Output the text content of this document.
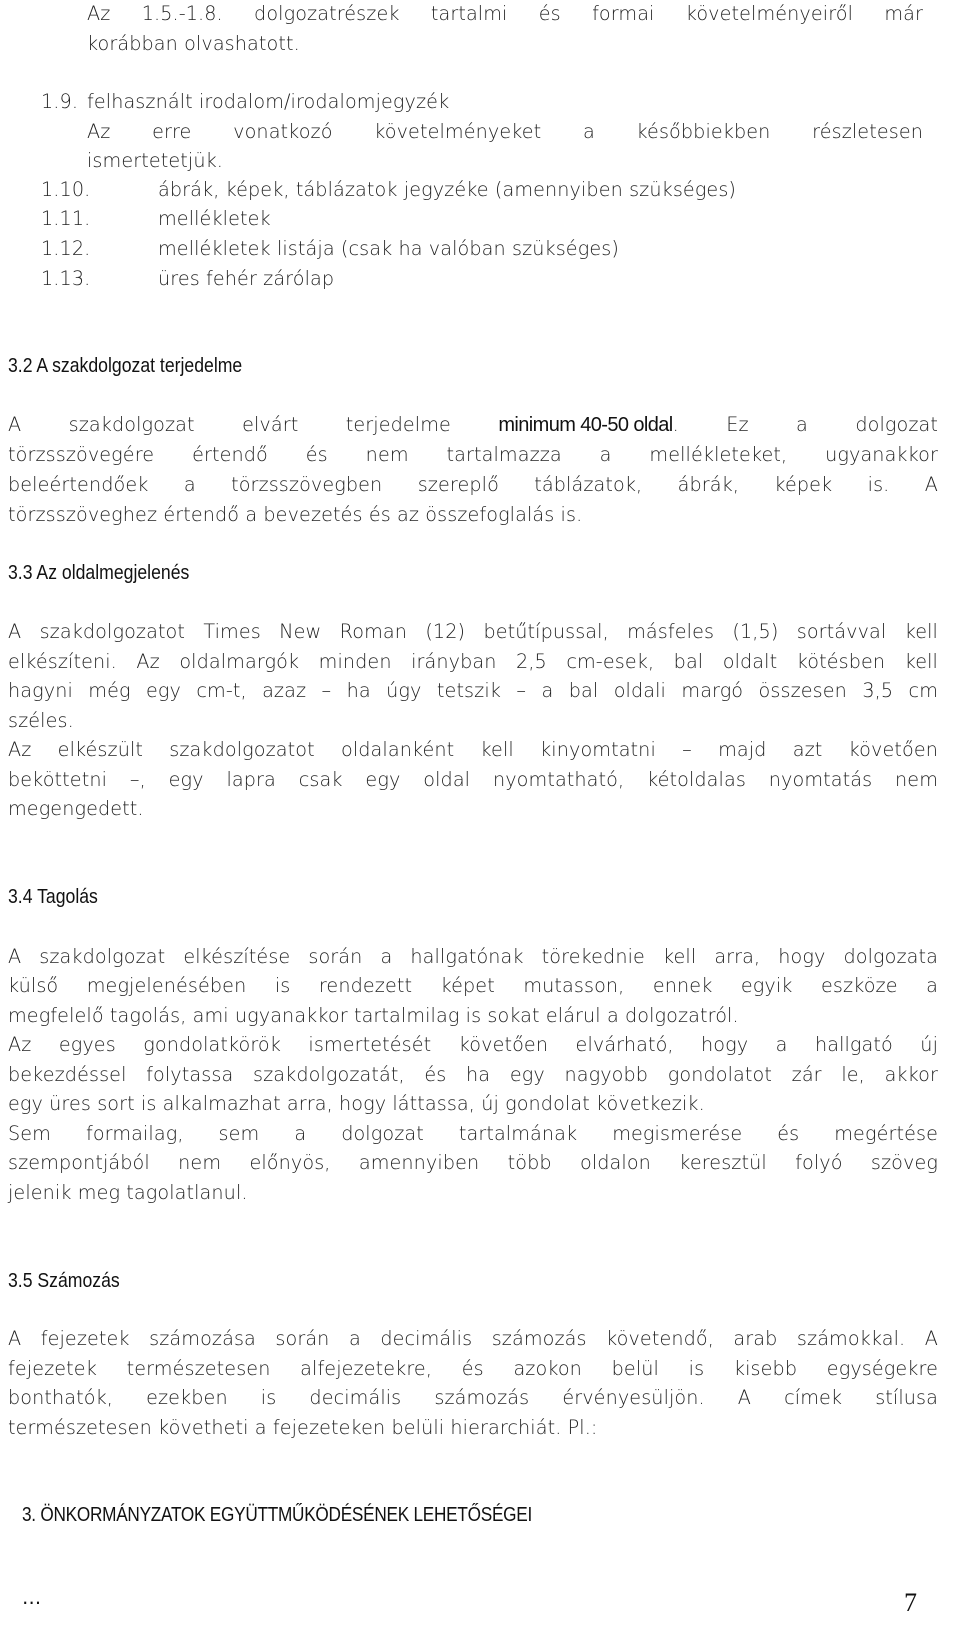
Az 1.5.-1.8. dolgozatrészek tartalmi és formai követelményeiről már
korábban olvashatott.
1.9. felhasznált irodalom/irodalomjegyzék
Az erre vonatkozó követelményeket a későbbiekben részletesen
ismertetetjük.
1.10.	ábrák, képek, táblázatok jegyzéke (amennyiben szükséges)
1.11.	mellékletek
1.12.	mellékletek listája (csak ha valóban szükséges)
1.13.	üres fehér zárólap
3.2 A szakdolgozat terjedelme
A szakdolgozat elvárt terjedelme minimum 40-50 oldal. Ez a dolgozat
törzsszövegére értendő és nem tartalmazza a mellékleteket, ugyanakkor
beleértendőek a törzsszövegben szereplő táblázatok, ábrák, képek is. A
törzsszöveghez értendő a bevezetés és az összefoglalás is.
3.3 Az oldalmegjelenés
A szakdolgozatot Times New Roman (12) betűtípussal, másfeles (1,5) sortávval kell
elkészíteni. Az oldalmargók minden irányban 2,5 cm-esek, bal oldalt kötésben kell
hagyni még egy cm-t, azaz – ha úgy tetszik – a bal oldali margó összesen 3,5 cm
széles.
Az elkészült szakdolgozatot oldalanként kell kinyomtatni – majd azt követően
beköttetni –, egy lapra csak egy oldal nyomtatható, kétoldalas nyomtatás nem
megengedett.
3.4 Tagolás
A szakdolgozat elkészítése során a hallgatónak törekednie kell arra, hogy dolgozata
külső megjelenésében is rendezett képet mutasson, ennek egyik eszköze a
megfelelő tagolás, ami ugyanakkor tartalmilag is sokat elárul a dolgozatról.
Az egyes gondolatkörök ismertetését követően elvárható, hogy a hallgató új
bekezdéssel folytassa szakdolgozatát, és ha egy nagyobb gondolatot zár le, akkor
egy üres sort is alkalmazhat arra, hogy láttassa, új gondolat következik.
Sem formailag, sem a dolgozat tartalmának megismerése és megértése
szempontjából nem előnyös, amennyiben több oldalon keresztül folyó szöveg
jelenik meg tagolatlanul.
3.5 Számozás
A fejezetek számozása során a decimális számozás követendő, arab számokkal. A
fejezetek természetesen alfejezetekre, és azokon belül is kisebb egységekre
bonthatók, ezekben is decimális számozás érvényesüljön. A címek stílusa
természetesen követheti a fejezeteken belüli hierarchiát. Pl.:
3. ÖNKORMÁNYZATOK EGYÜTTMŰKÖDÉSÉNEK LEHETŐSÉGEI
…	7
